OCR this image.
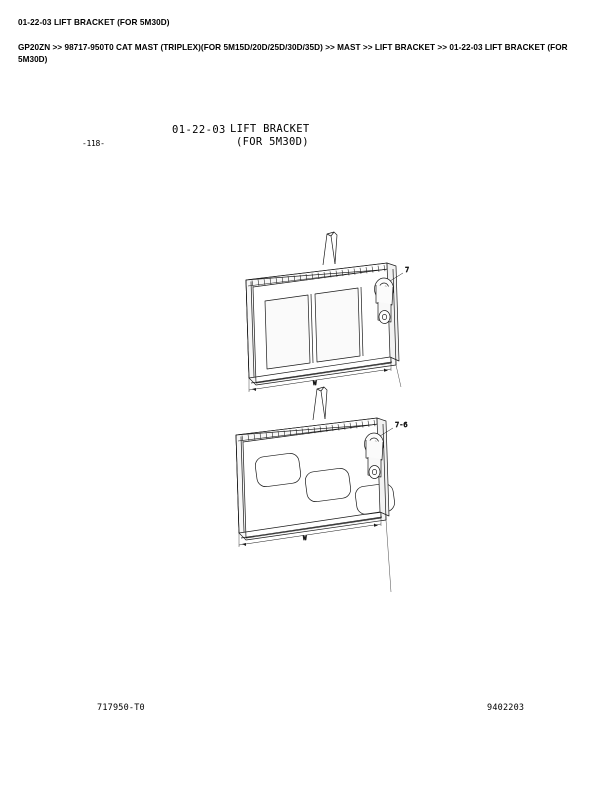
01-22-03 LIFT BRACKET (FOR 5M30D)
GP20ZN >> 98717-950T0 CAT MAST (TRIPLEX)(FOR 5M15D/20D/25D/30D/35D) >> MAST >> LIFT BRACKET >> 01-22-03 LIFT BRACKET (FOR 5M30D)
-118-
01-22-03 LIFT BRACKET
(FOR 5M30D)
7
W
7-6
W
717950-T0	9402203
